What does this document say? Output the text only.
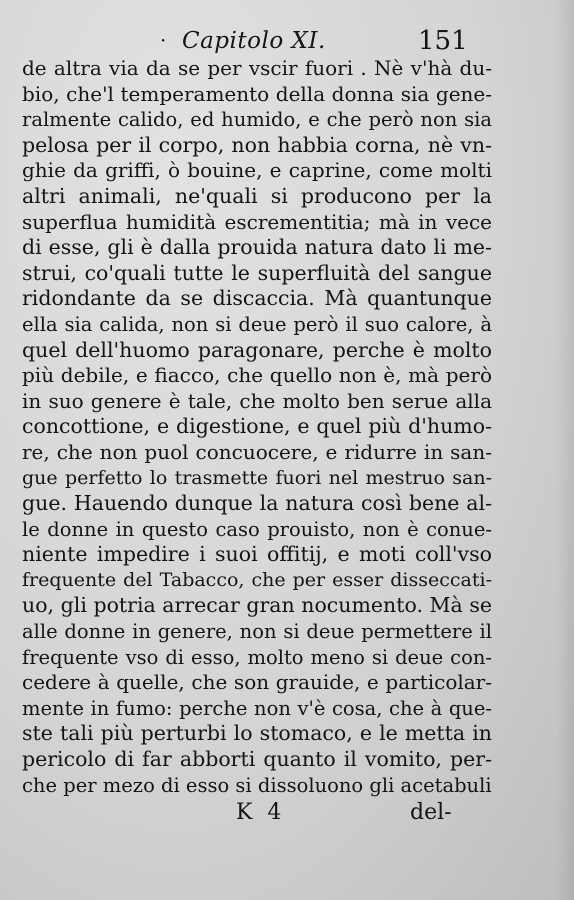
· Capitolo XI.	151
de altra via da se per vscir fuori . Nè v'hà du-
bio, che'l temperamento della donna sia gene-
ralmente calido, ed humido, e che però non sia
pelosa per il corpo, non habbia corna, nè vn-
ghie da griffi, ò bouine, e caprine, come molti
altri animali, ne'quali si producono per la
superflua humidità escrementitia; mà in vece
di esse, gli è dalla prouida natura dato li me-
strui, co'quali tutte le superfluità del sangue
ridondante da se discaccia. Mà quantunque
ella sia calida, non si deue però il suo calore, à
quel dell'huomo paragonare, perche è molto
più debile, e fiacco, che quello non è, mà però
in suo genere è tale, che molto ben serue alla
concottione, e digestione, e quel più d'humo-
re, che non puol concuocere, e ridurre in san-
gue perfetto lo trasmette fuori nel mestruo san-
gue. Hauendo dunque la natura così bene al-
le donne in questo caso prouisto, non è conue-
niente impedire i suoi offitij, e moti coll'vso
frequente del Tabacco, che per esser disseccati-
uo, gli potria arrecar gran nocumento. Mà se
alle donne in genere, non si deue permettere il
frequente vso di esso, molto meno si deue con-
cedere à quelle, che son grauide, e particolar-
mente in fumo: perche non v'è cosa, che à que-
ste tali più perturbi lo stomaco, e le metta in
pericolo di far abborti quanto il vomito, per-
che per mezo di esso si dissoluono gli acetabuli
K 4	del-
